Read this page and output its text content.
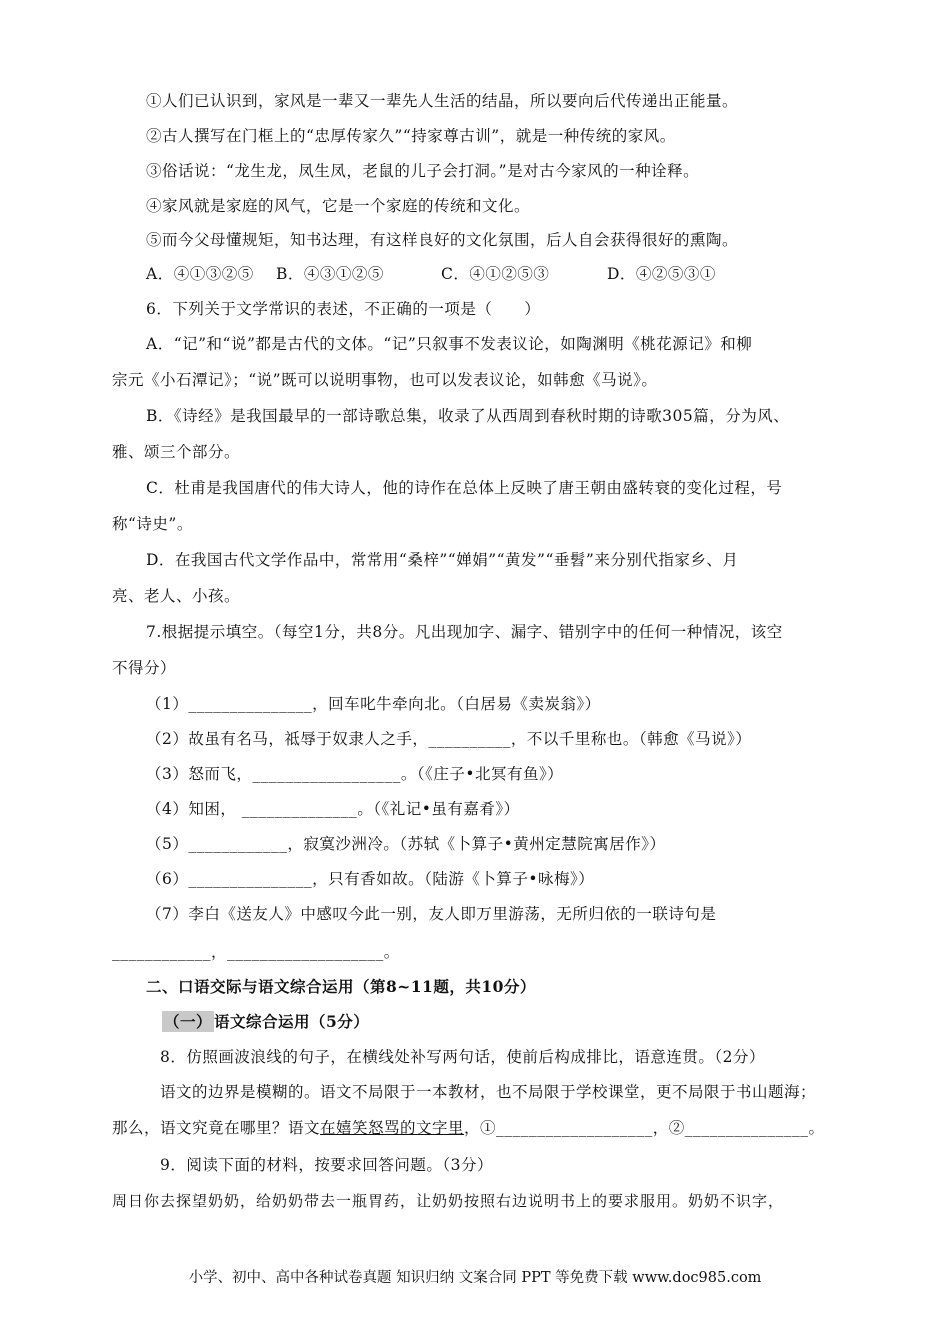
①人们已认识到，家风是一辈又一辈先人生活的结晶，所以要向后代传递出正能量。
②古人撰写在门框上的“忠厚传家久”“持家尊古训”，就是一种传统的家风。
③俗话说：“龙生龙，凤生凤，老鼠的儿子会打洞。”是对古今家风的一种诠释。
④家风就是家庭的风气，它是一个家庭的传统和文化。
⑤而今父母懂规矩，知书达理，有这样良好的文化氛围，后人自会获得很好的熏陶。
A．④①③②⑤ B．④③①②⑤	C．④①②⑤③	D．④②⑤③①
6．下列关于文学常识的表述，不正确的一项是（　　）
A．“记”和“说”都是古代的文体。“记”只叙事不发表议论，如陶渊明《桃花源记》和柳
宗元《小石潭记》；“说”既可以说明事物，也可以发表议论，如韩愈《马说》。
B．《诗经》是我国最早的一部诗歌总集，收录了从西周到春秋时期的诗歌305篇，分为风、
雅、颂三个部分。
C．杜甫是我国唐代的伟大诗人，他的诗作在总体上反映了唐王朝由盛转衰的变化过程，号
称“诗史”。
D．在我国古代文学作品中，常常用“桑梓”“婵娟”“黄发”“垂髫”来分别代指家乡、月
亮、老人、小孩。
7.根据提示填空。（每空1分，共8分。凡出现加字、漏字、错别字中的任何一种情况，该空
不得分）
（1）_______________，回车叱牛牵向北。（白居易《卖炭翁》）
（2）故虽有名马，祗辱于奴隶人之手，__________，不以千里称也。（韩愈《马说》）
（3）怒而飞，__________________。（《庄子•北冥有鱼》）
（4）知困， ______________。（《礼记•虽有嘉肴》）
（5）____________，寂寞沙洲冷。（苏轼《卜算子•黄州定慧院寓居作》）
（6）_______________，只有香如故。（陆游《卜算子•咏梅》）
（7）李白《送友人》中感叹今此一别，友人即万里游荡，无所归依的一联诗句是
____________，___________________。
二、口语交际与语文综合运用（第8~11题，共10分）
（一） 语文综合运用（5分）
8．仿照画波浪线的句子，在横线处补写两句话，使前后构成排比，语意连贯。（2分）
语文的边界是模糊的。语文不局限于一本教材，也不局限于学校课堂，更不局限于书山题海；
那么，语文究竟在哪里？语文在嬉笑怒骂的文字里，①___________________，②_______________。
9．阅读下面的材料，按要求回答问题。（3分）
周日你去探望奶奶，给奶奶带去一瓶胃药，让奶奶按照右边说明书上的要求服用。奶奶不识字，
小学、初中、高中各种试卷真题 知识归纳 文案合同 PPT 等免费下载 www.doc985.com
